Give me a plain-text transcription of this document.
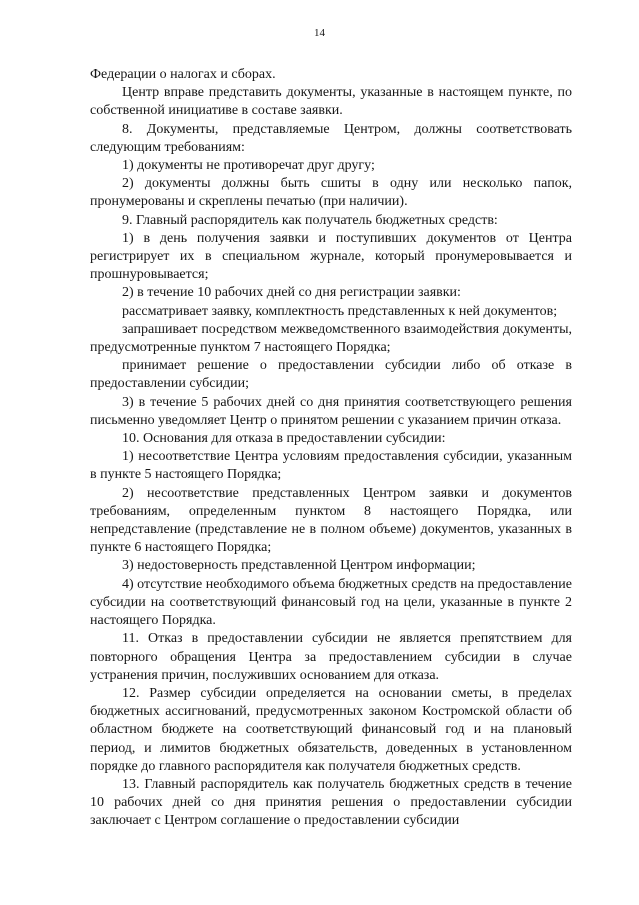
14

Федерации о налогах и сборах.

Центр вправе представить документы, указанные в настоящем пункте, по собственной инициативе в составе заявки.

8. Документы, представляемые Центром, должны соответствовать следующим требованиям:

1) документы не противоречат друг другу;

2) документы должны быть сшиты в одну или несколько папок, пронумерованы и скреплены печатью (при наличии).

9. Главный распорядитель как получатель бюджетных средств:

1) в день получения заявки и поступивших документов от Центра регистрирует их в специальном журнале, который пронумеровывается и прошнуровывается;

2) в течение 10 рабочих дней со дня регистрации заявки:

рассматривает заявку, комплектность представленных к ней документов;

запрашивает посредством межведомственного взаимодействия документы, предусмотренные пунктом 7 настоящего Порядка;

принимает решение о предоставлении субсидии либо об отказе в предоставлении субсидии;

3) в течение 5 рабочих дней со дня принятия соответствующего решения письменно уведомляет Центр о принятом решении с указанием причин отказа.

10. Основания для отказа в предоставлении субсидии:

1) несоответствие Центра условиям предоставления субсидии, указанным в пункте 5 настоящего Порядка;

2) несоответствие представленных Центром заявки и документов требованиям, определенным пунктом 8 настоящего Порядка, или непредставление (представление не в полном объеме) документов, указанных в пункте 6 настоящего Порядка;

3) недостоверность представленной Центром информации;

4) отсутствие необходимого объема бюджетных средств на предоставление субсидии на соответствующий финансовый год на цели, указанные в пункте 2 настоящего Порядка.

11. Отказ в предоставлении субсидии не является препятствием для повторного обращения Центра за предоставлением субсидии в случае устранения причин, послуживших основанием для отказа.

12. Размер субсидии определяется на основании сметы, в пределах бюджетных ассигнований, предусмотренных законом Костромской области об областном бюджете на соответствующий финансовый год и на плановый период, и лимитов бюджетных обязательств, доведенных в установленном порядке до главного распорядителя как получателя бюджетных средств.

13. Главный распорядитель как получатель бюджетных средств в течение 10 рабочих дней со дня принятия решения о предоставлении субсидии заключает с Центром соглашение о предоставлении субсидии
